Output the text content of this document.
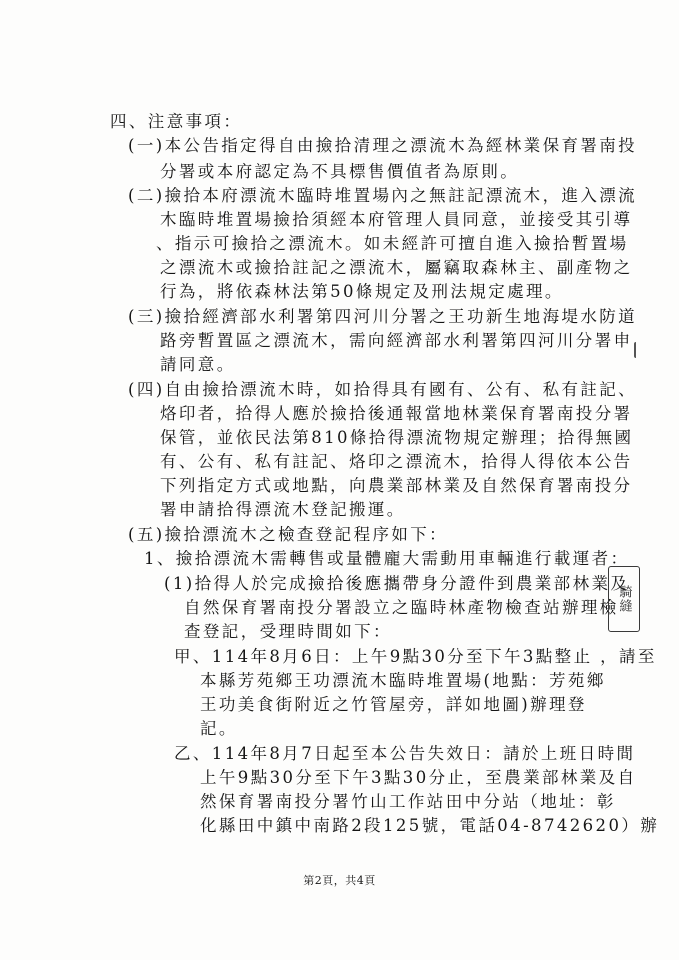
四、注意事項：
(一)本公告指定得自由撿拾清理之漂流木為經林業保育署南投
分署或本府認定為不具標售價值者為原則。
(二)撿拾本府漂流木臨時堆置場內之無註記漂流木，進入漂流
木臨時堆置場撿拾須經本府管理人員同意，並接受其引導
、指示可撿拾之漂流木。如未經許可擅自進入撿拾暫置場
之漂流木或撿拾註記之漂流木，屬竊取森林主、副產物之
行為，將依森林法第50條規定及刑法規定處理。
(三)撿拾經濟部水利署第四河川分署之王功新生地海堤水防道
路旁暫置區之漂流木，需向經濟部水利署第四河川分署申
請同意。
(四)自由撿拾漂流木時，如拾得具有國有、公有、私有註記、
烙印者，拾得人應於撿拾後通報當地林業保育署南投分署
保管，並依民法第810條拾得漂流物規定辦理；拾得無國
有、公有、私有註記、烙印之漂流木，拾得人得依本公告
下列指定方式或地點，向農業部林業及自然保育署南投分
署申請拾得漂流木登記搬運。
(五)撿拾漂流木之檢查登記程序如下：
1、撿拾漂流木需轉售或量體龐大需動用車輛進行載運者：
(1)拾得人於完成撿拾後應攜帶身分證件到農業部林業及
自然保育署南投分署設立之臨時林產物檢查站辦理檢
查登記，受理時間如下：
甲、114年8月6日：上午9點30分至下午3點整止 ，請至
本縣芳苑鄉王功漂流木臨時堆置場(地點：芳苑鄉
王功美食街附近之竹管屋旁，詳如地圖)辦理登
記。
乙、114年8月7日起至本公告失效日：請於上班日時間
上午9點30分至下午3點30分止，至農業部林業及自
然保育署南投分署竹山工作站田中分站（地址：彰
化縣田中鎮中南路2段125號，電話04-8742620）辦
第2頁，共4頁
騎縫
